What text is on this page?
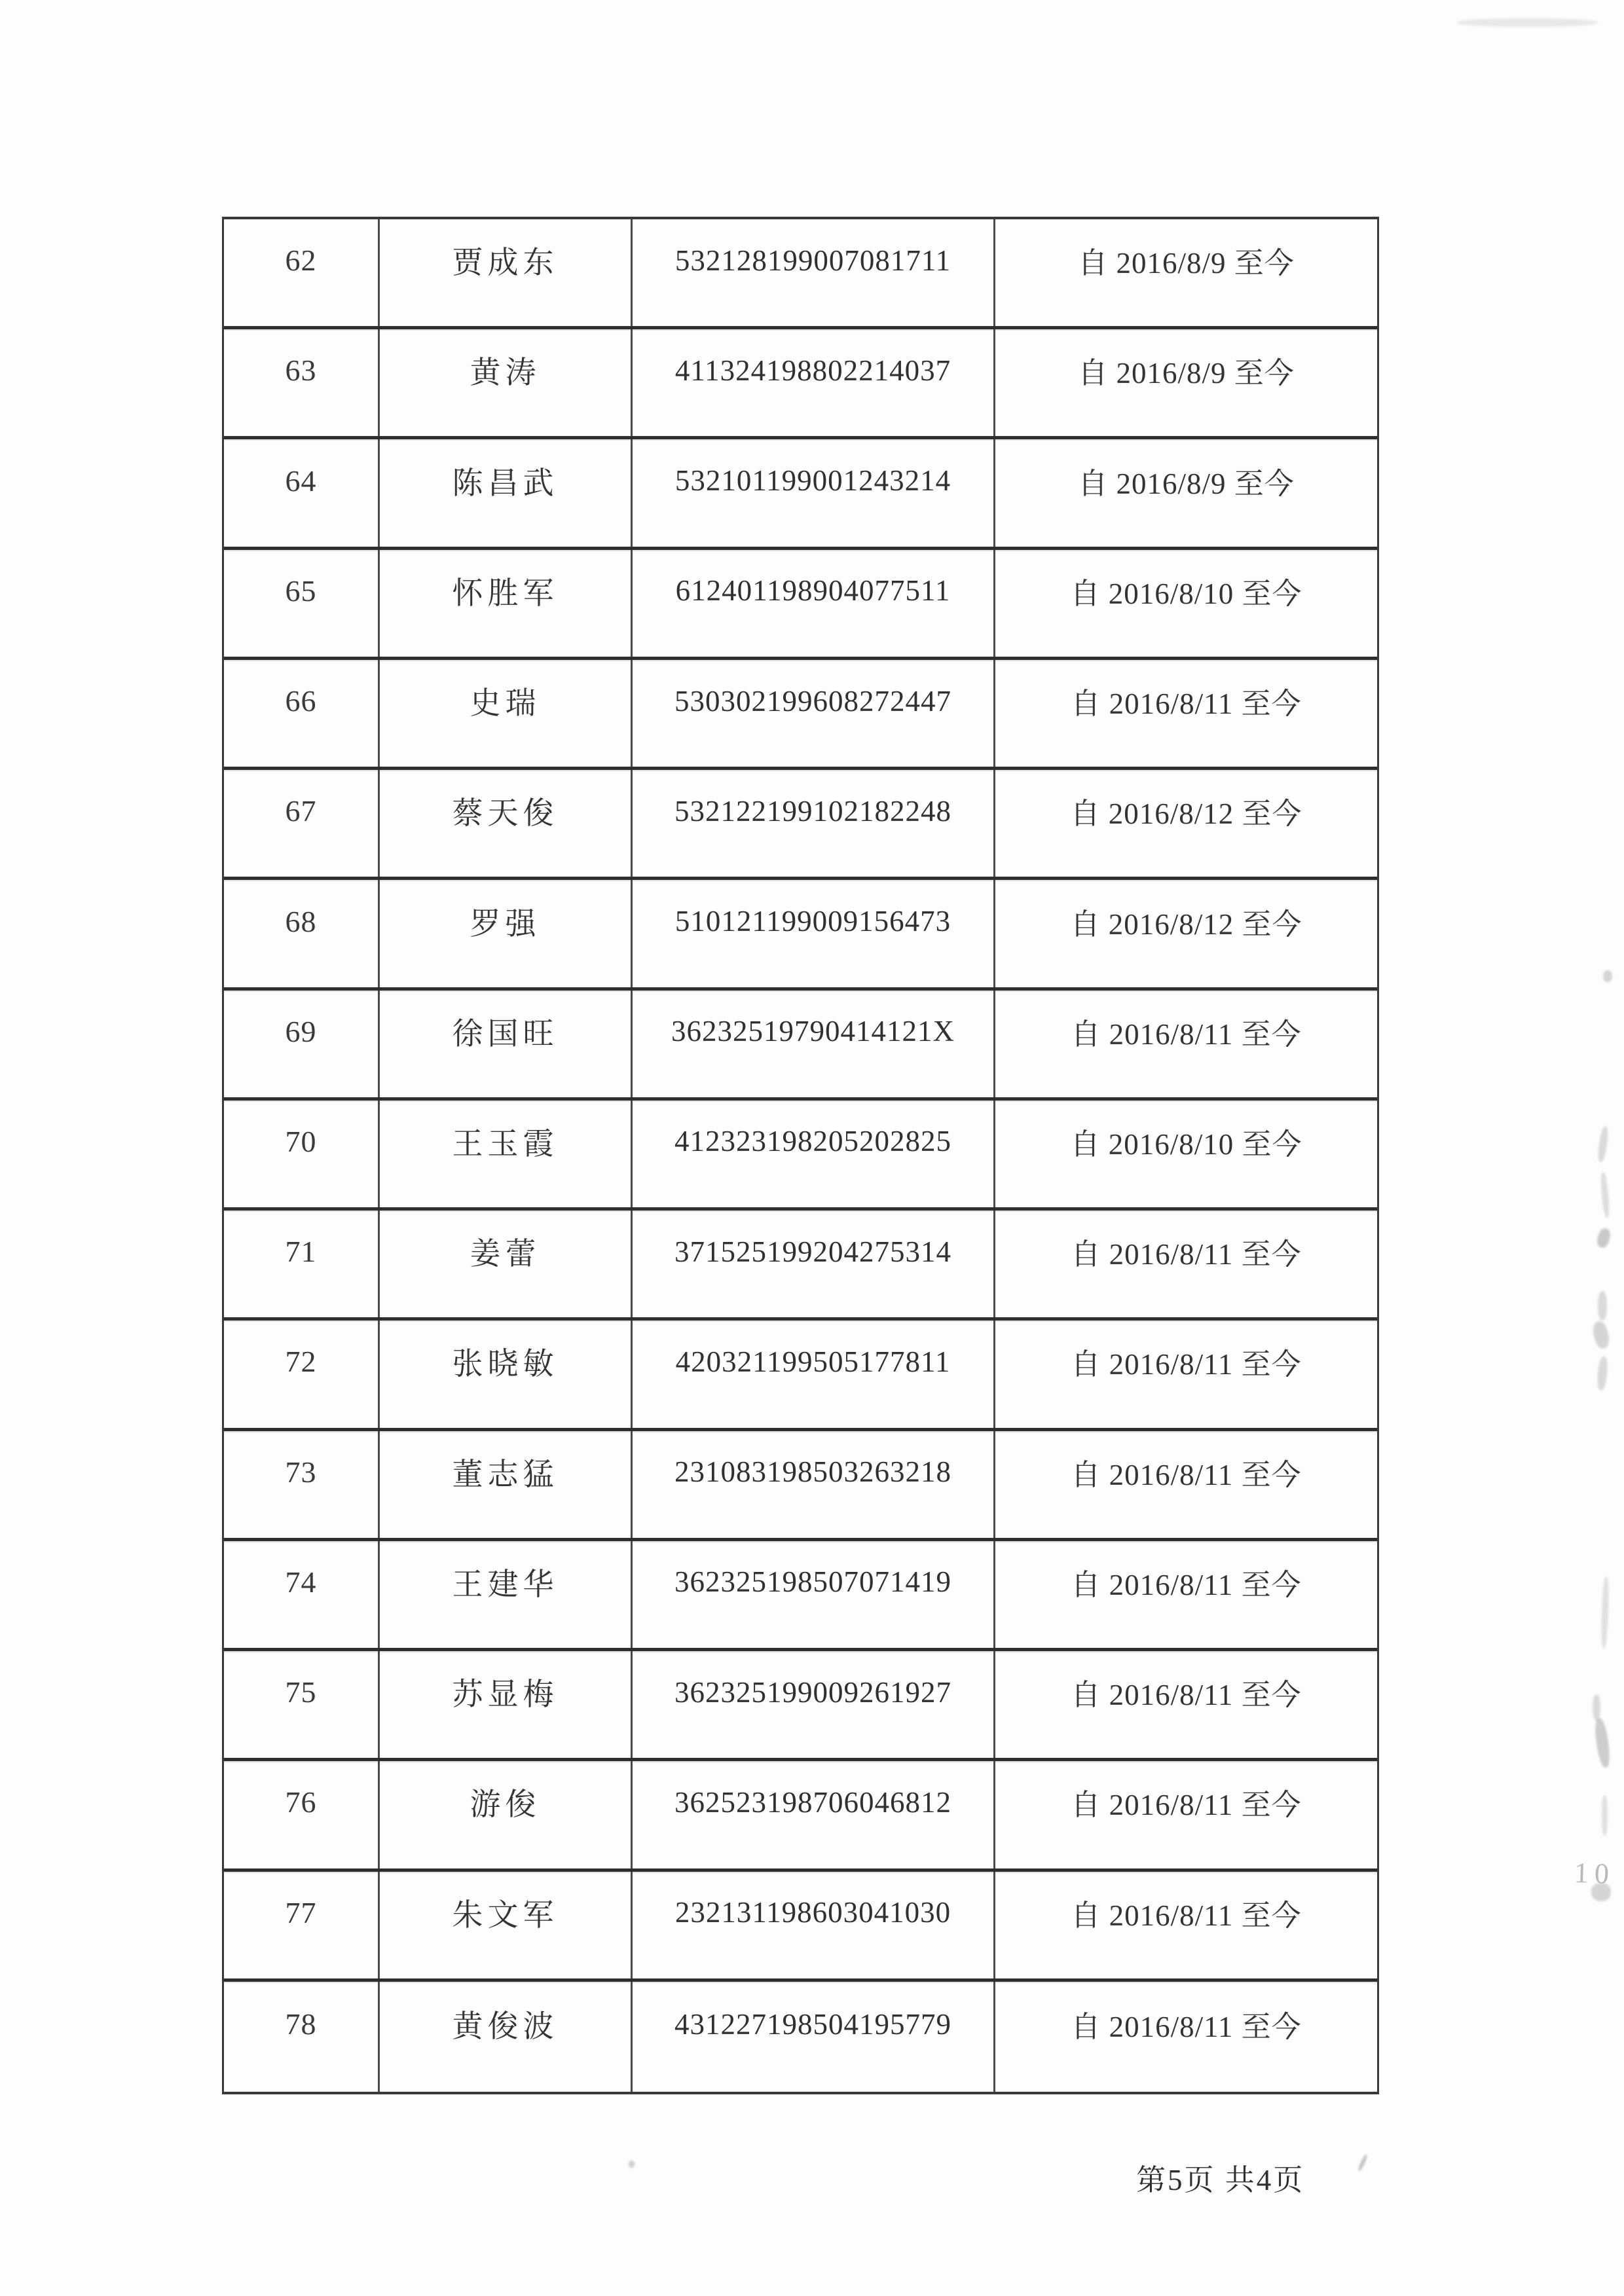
62	贾成东	532128199007081711	自 2016/8/9 至今
63	黄涛	411324198802214037	自 2016/8/9 至今
64	陈昌武	532101199001243214	自 2016/8/9 至今
65	怀胜军	612401198904077511	自 2016/8/10 至今
66	史瑞	530302199608272447	自 2016/8/11 至今
67	蔡天俊	532122199102182248	自 2016/8/12 至今
68	罗强	510121199009156473	自 2016/8/12 至今
69	徐国旺	36232519790414121X	自 2016/8/11 至今
70	王玉霞	412323198205202825	自 2016/8/10 至今
71	姜蕾	371525199204275314	自 2016/8/11 至今
72	张晓敏	420321199505177811	自 2016/8/11 至今
73	董志猛	231083198503263218	自 2016/8/11 至今
74	王建华	362325198507071419	自 2016/8/11 至今
75	苏显梅	362325199009261927	自 2016/8/11 至今
76	游俊	362523198706046812	自 2016/8/11 至今
77	朱文军	232131198603041030	自 2016/8/11 至今
78	黄俊波	431227198504195779	自 2016/8/11 至今
第5页 共4页
10
